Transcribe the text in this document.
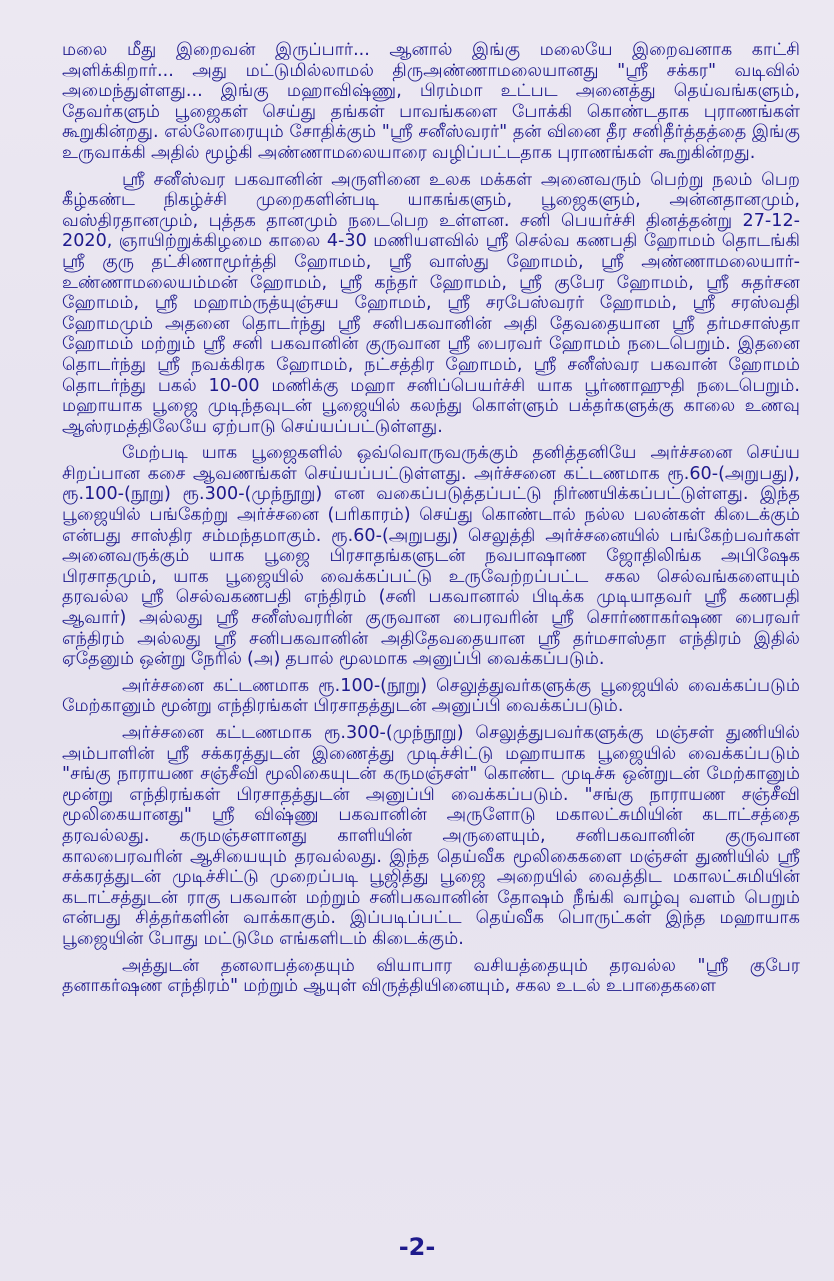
மலை மீது இறைவன் இருப்பார்... ஆனால் இங்கு மலையே இறைவனாக காட்சி அளிக்கிறார்... அது மட்டுமில்லாமல் திருஅண்ணாமலையானது "ஸ்ரீ சக்கர" வடிவில் அமைந்துள்ளது... இங்கு மஹாவிஷ்ணு, பிரம்மா உட்பட அனைத்து தெய்வங்களும், தேவர்களும் பூஜைகள் செய்து தங்கள் பாவங்களை போக்கி கொண்டதாக புராணங்கள் கூறுகின்றது. எல்லோரையும் சோதிக்கும் "ஸ்ரீ சனீஸ்வரர்" தன் வினை தீர சனிதீர்த்தத்தை இங்கு உருவாக்கி அதில் மூழ்கி அண்ணாமலையாரை வழிப்பட்டதாக புராணங்கள் கூறுகின்றது.

ஸ்ரீ சனீஸ்வர பகவானின் அருளினை உலக மக்கள் அனைவரும் பெற்று நலம் பெற கீழ்கண்ட நிகழ்ச்சி முறைகளின்படி யாகங்களும், பூஜைகளும், அன்னதானமும், வஸ்திரதானமும், புத்தக தானமும் நடைபெற உள்ளன. சனி பெயர்ச்சி தினத்தன்று 27-12-2020, ஞாயிற்றுக்கிழமை காலை 4-30 மணியளவில் ஸ்ரீ செல்வ கணபதி ஹோமம் தொடங்கி ஸ்ரீ குரு தட்சிணாமூர்த்தி ஹோமம், ஸ்ரீ வாஸ்து ஹோமம், ஸ்ரீ அண்ணாமலையார்-உண்ணாமலையம்மன் ஹோமம், ஸ்ரீ கந்தர் ஹோமம், ஸ்ரீ குபேர ஹோமம், ஸ்ரீ சுதர்சன ஹோமம், ஸ்ரீ மஹாம்ருத்யுஞ்சய ஹோமம், ஸ்ரீ சரபேஸ்வரர் ஹோமம், ஸ்ரீ சரஸ்வதி ஹோமமும் அதனை தொடர்ந்து ஸ்ரீ சனிபகவானின் அதி தேவதையான ஸ்ரீ தர்மசாஸ்தா ஹோமம் மற்றும் ஸ்ரீ சனி பகவானின் குருவான ஸ்ரீ பைரவர் ஹோமம் நடைபெறும். இதனை தொடர்ந்து ஸ்ரீ நவக்கிரக ஹோமம், நட்சத்திர ஹோமம், ஸ்ரீ சனீஸ்வர பகவான் ஹோமம் தொடர்ந்து பகல் 10-00 மணிக்கு மஹா சனிப்பெயர்ச்சி யாக பூர்ணாஹுதி நடைபெறும். மஹாயாக பூஜை முடிந்தவுடன் பூஜையில் கலந்து கொள்ளும் பக்தர்களுக்கு காலை உணவு ஆஸ்ரமத்திலேயே ஏற்பாடு செய்யப்பட்டுள்ளது.

மேற்படி யாக பூஜைகளில் ஒவ்வொருவருக்கும் தனித்தனியே அர்ச்சனை செய்ய சிறப்பான கசை ஆவணங்கள் செய்யப்பட்டுள்ளது. அர்ச்சனை கட்டணமாக ரூ.60-(அறுபது), ரூ.100-(நூறு) ரூ.300-(முந்நூறு) என வகைப்படுத்தப்பட்டு நிர்ணயிக்கப்பட்டுள்ளது. இந்த பூஜையில் பங்கேற்று அர்ச்சனை (பரிகாரம்) செய்து கொண்டால் நல்ல பலன்கள் கிடைக்கும் என்பது சாஸ்திர சம்மந்தமாகும். ரூ.60-(அறுபது) செலுத்தி அர்ச்சனையில் பங்கேற்பவர்கள் அனைவருக்கும் யாக பூஜை பிரசாதங்களுடன் நவபாஷாண ஜோதிலிங்க அபிஷேக பிரசாதமும், யாக பூஜையில் வைக்கப்பட்டு உருவேற்றப்பட்ட சகல செல்வங்களையும் தரவல்ல ஸ்ரீ செல்வகணபதி எந்திரம் (சனி பகவானால் பிடிக்க முடியாதவர் ஸ்ரீ கணபதி ஆவார்) அல்லது ஸ்ரீ சனீஸ்வரரின் குருவான பைரவரின் ஸ்ரீ சொர்ணாகர்ஷண பைரவர் எந்திரம் அல்லது ஸ்ரீ சனிபகவானின் அதிதேவதையான ஸ்ரீ தர்மசாஸ்தா எந்திரம் இதில் ஏதேனும் ஒன்று நேரில் (அ) தபால் மூலமாக அனுப்பி வைக்கப்படும்.

அர்ச்சனை கட்டணமாக ரூ.100-(நூறு) செலுத்துவர்களுக்கு பூஜையில் வைக்கப்படும் மேற்கானும் மூன்று எந்திரங்கள் பிரசாதத்துடன் அனுப்பி வைக்கப்படும்.

அர்ச்சனை கட்டணமாக ரூ.300-(முந்நூறு) செலுத்துபவர்களுக்கு மஞ்சள் துணியில் அம்பாளின் ஸ்ரீ சக்கரத்துடன் இணைத்து முடிச்சிட்டு மஹாயாக பூஜையில் வைக்கப்படும் "சங்கு நாராயண சஞ்சீவி மூலிகையுடன் கருமஞ்சள்" கொண்ட முடிச்சு ஒன்றுடன் மேற்கானும் மூன்று எந்திரங்கள் பிரசாதத்துடன் அனுப்பி வைக்கப்படும். "சங்கு நாராயண சஞ்சீவி மூலிகையானது" ஸ்ரீ விஷ்ணு பகவானின் அருளோடு மகாலட்சுமியின் கடாட்சத்தை தரவல்லது. கருமஞ்சளானது காளியின் அருளையும், சனிபகவானின் குருவான காலபைரவரின் ஆசியையும் தரவல்லது. இந்த தெய்வீக மூலிகைகளை மஞ்சள் துணியில் ஸ்ரீ சக்கரத்துடன் முடிச்சிட்டு முறைப்படி பூஜித்து பூஜை அறையில் வைத்திட மகாலட்சுமியின் கடாட்சத்துடன் ராகு பகவான் மற்றும் சனிபகவானின் தோஷம் நீங்கி வாழ்வு வளம் பெறும் என்பது சித்தர்களின் வாக்காகும். இப்படிப்பட்ட தெய்வீக பொருட்கள் இந்த மஹாயாக பூஜையின் போது மட்டுமே எங்களிடம் கிடைக்கும்.

அத்துடன் தனலாபத்தையும் வியாபார வசியத்தையும் தரவல்ல "ஸ்ரீ குபேர தனாகர்ஷண எந்திரம்" மற்றும் ஆயுள் விருத்தியினையும், சகல உடல் உபாதைகளை

-2-
